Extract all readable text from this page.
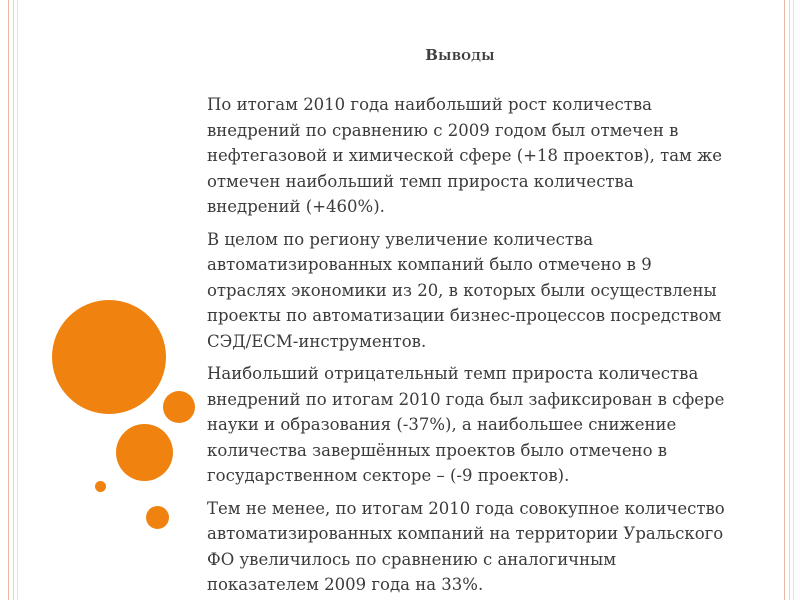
Выводы

По итогам 2010 года наибольший рост количества внедрений по сравнению с 2009 годом был отмечен в нефтегазовой и химической сфере (+18 проектов), там же отмечен наибольший темп прироста количества внедрений (+460%).

В целом по региону увеличение количества автоматизированных компаний было отмечено в 9 отраслях экономики из 20, в которых были осуществлены проекты по автоматизации бизнес-процессов посредством СЭД/ECM-инструментов.

Наибольший отрицательный темп прироста количества внедрений по итогам 2010 года был зафиксирован в сфере науки и образования (-37%), а наибольшее снижение количества завершённых проектов было отмечено в государственном секторе – (-9 проектов).

Тем не менее, по итогам 2010 года совокупное количество автоматизированных компаний на территории Уральского ФО увеличилось по сравнению с аналогичным показателем 2009 года на 33%.
